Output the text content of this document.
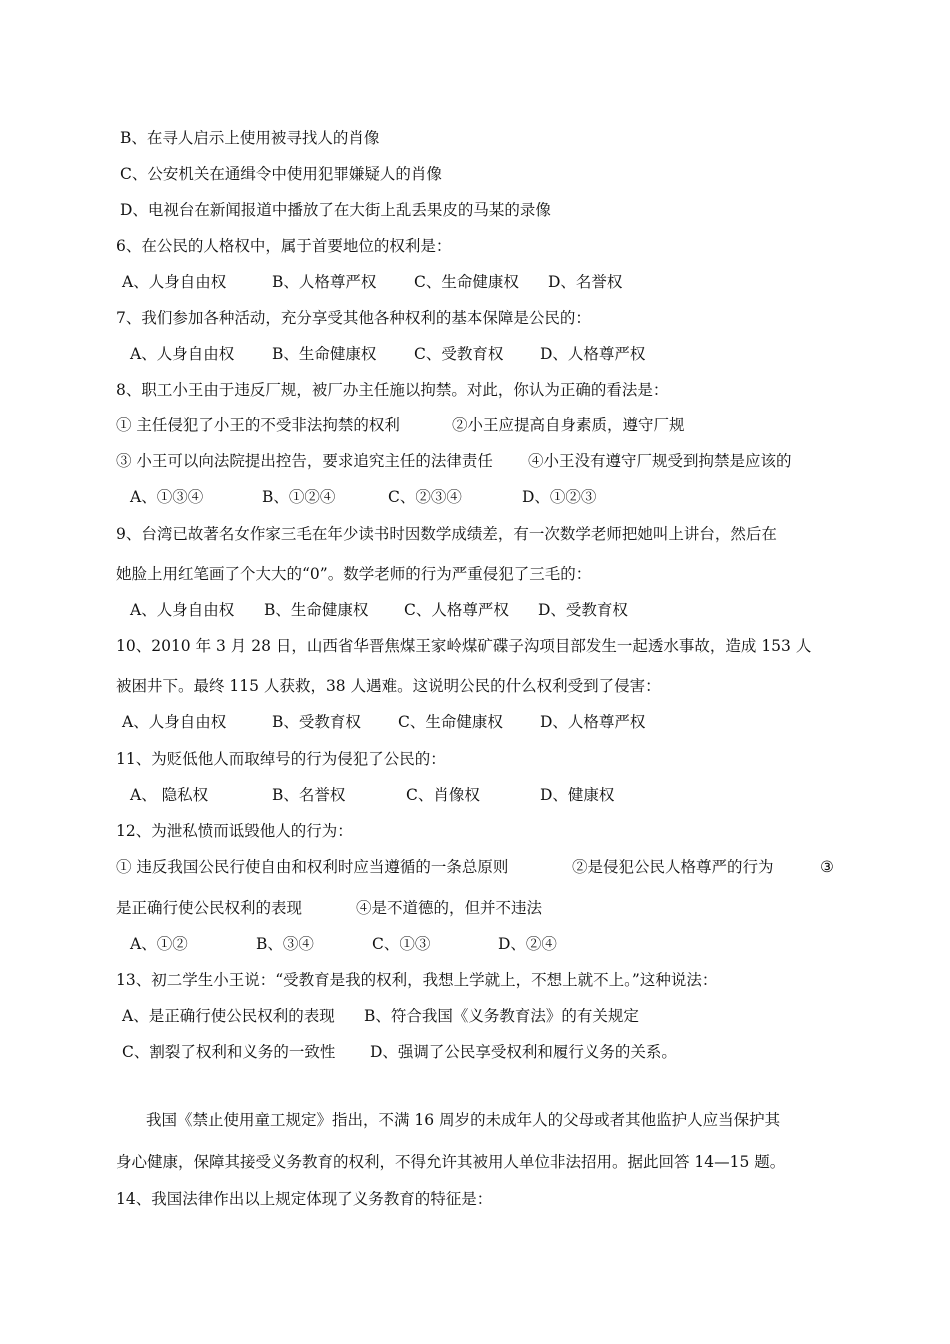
B、在寻人启示上使用被寻找人的肖像
C、公安机关在通缉令中使用犯罪嫌疑人的肖像
D、电视台在新闻报道中播放了在大街上乱丢果皮的马某的录像
6、在公民的人格权中，属于首要地位的权利是：
A、人身自由权	B、人格尊严权 C、生命健康权 D、名誉权
7、我们参加各种活动，充分享受其他各种权利的基本保障是公民的：
A、人身自由权 B、生命健康权 C、受教育权 D、人格尊严权
8、职工小王由于违反厂规，被厂办主任施以拘禁。对此，你认为正确的看法是：
① 主任侵犯了小王的不受非法拘禁的权利	②小王应提高自身素质，遵守厂规
③ 小王可以向法院提出控告，要求追究主任的法律责任 ④小王没有遵守厂规受到拘禁是应该的
A、①③④	B、①②④	C、②③④	D、①②③
9、台湾已故著名女作家三毛在年少读书时因数学成绩差，有一次数学老师把她叫上讲台，然后在
她脸上用红笔画了个大大的“0”。数学老师的行为严重侵犯了三毛的：
A、人身自由权 B、生命健康权 C、人格尊严权 D、受教育权
10、2010 年 3 月 28 日，山西省华晋焦煤王家岭煤矿碟子沟项目部发生一起透水事故，造成 153 人
被困井下。最终 115 人获救，38 人遇难。这说明公民的什么权利受到了侵害：
A、人身自由权	B、受教育权 C、生命健康权 D、人格尊严权
11、为贬低他人而取绰号的行为侵犯了公民的：
A、 隐私权	B、名誉权	C、肖像权	D、健康权
12、为泄私愤而诋毁他人的行为：
① 违反我国公民行使自由和权利时应当遵循的一条总原则	②是侵犯公民人格尊严的行为	③
是正确行使公民权利的表现	④是不道德的，但并不违法
A、①②	B、③④	C、①③	D、②④
13、初二学生小王说：“受教育是我的权利，我想上学就上，不想上就不上。”这种说法：
A、是正确行使公民权利的表现 B、符合我国《义务教育法》的有关规定
C、割裂了权利和义务的一致性 D、强调了公民享受权利和履行义务的关系。
我国《禁止使用童工规定》指出，不满 16 周岁的未成年人的父母或者其他监护人应当保护其
身心健康，保障其接受义务教育的权利，不得允许其被用人单位非法招用。据此回答 14—15 题。
14、我国法律作出以上规定体现了义务教育的特征是：
